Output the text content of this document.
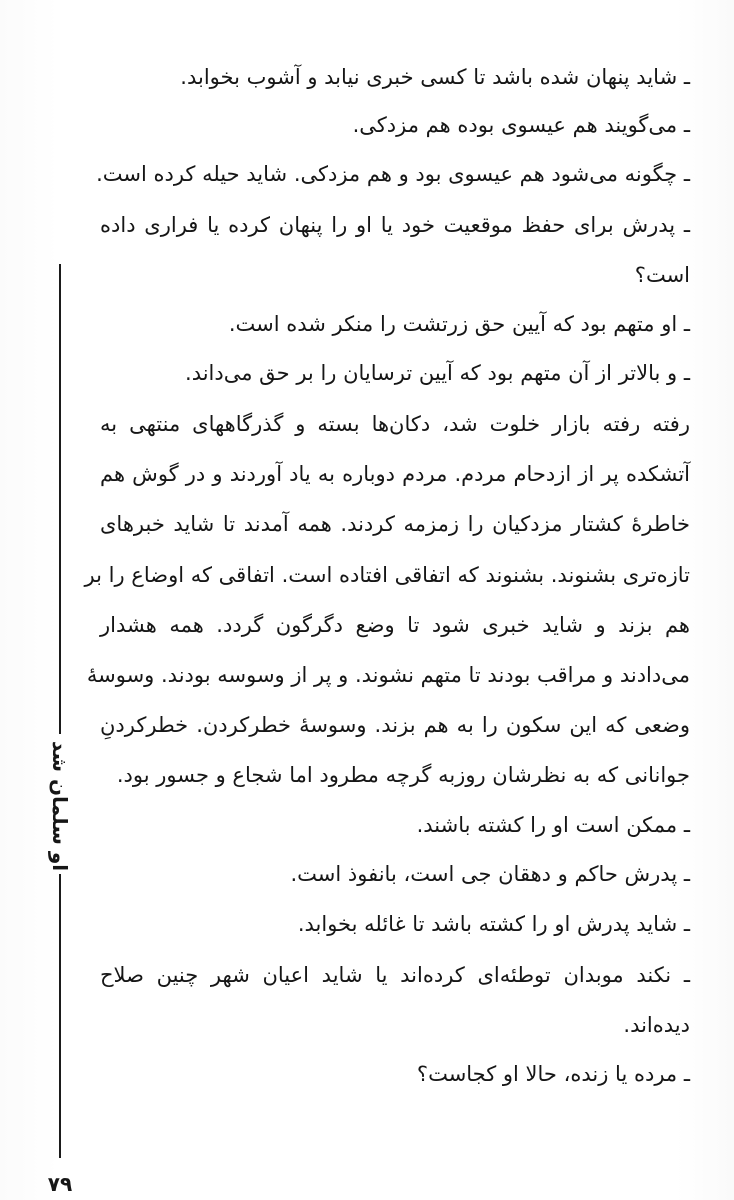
ـ شاید پنهان شده باشد تا کسی خبری نیابد و آشوب بخوابد.
ـ می‌گویند هم عیسوی بوده هم مزدکی.
ـ چگونه می‌شود هم عیسوی بود و هم مزدکی. شاید حیله کرده است.
ـ پدرش برای حفظ موقعیت خود یا او را پنهان کرده یا فراری داده
است؟
ـ او متهم بود که آیین حق زرتشت را منکر شده است.
ـ و بالاتر از آن متهم بود که آیین ترسایان را بر حق می‌داند.
رفته رفته بازار خلوت شد، دکان‌ها بسته و گذرگاههای منتهی به
آتشکده پر از ازدحام مردم. مردم دوباره به یاد آوردند و در گوش هم
خاطرهٔ کشتار مزدکیان را زمزمه کردند. همه آمدند تا شاید خبرهای
تازه‌تری بشنوند. بشنوند که اتفاقی افتاده است. اتفاقی که اوضاع را بر
هم بزند و شاید خبری شود تا وضع دگرگون گردد. همه هشدار
می‌دادند و مراقب بودند تا متهم نشوند. و پر از وسوسه بودند. وسوسهٔ
وضعی که این سکون را به هم بزند. وسوسهٔ خطرکردن. خطرکردنِ
جوانانی که به نظرشان روزبه گرچه مطرود اما شجاع و جسور بود.
ـ ممکن است او را کشته باشند.
ـ پدرش حاکم و دهقان جی است، بانفوذ است.
ـ شاید پدرش او را کشته باشد تا غائله بخوابد.
ـ نکند موبدان توطئه‌ای کرده‌اند یا شاید اعیان شهر چنین صلاح
دیده‌اند.
ـ مرده یا زنده، حالا او کجاست؟
او سلمان شد
۷۹
